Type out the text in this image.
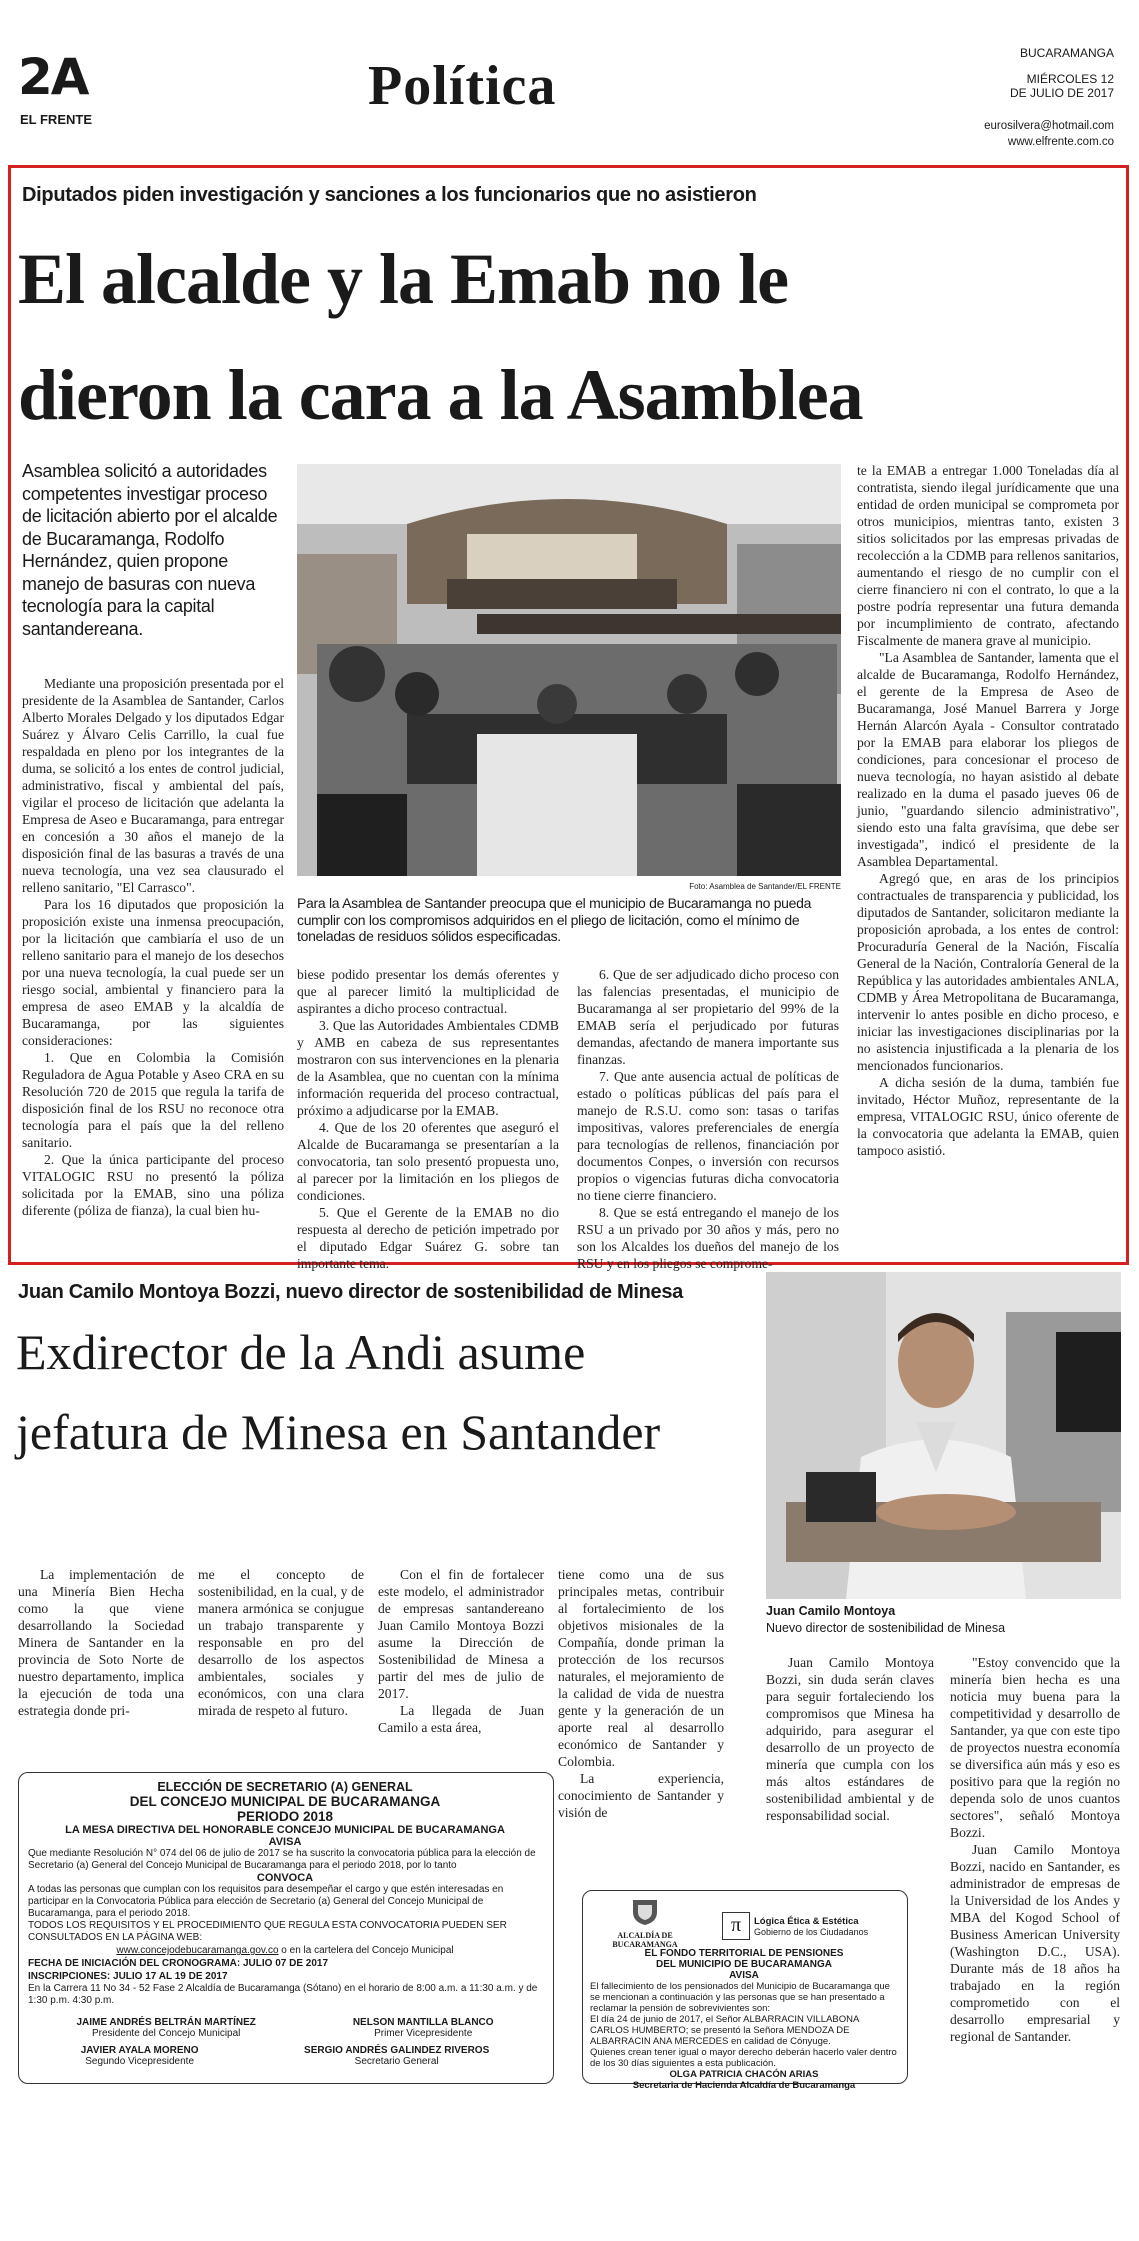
2A
EL FRENTE
Política
BUCARAMANGA
MIÉRCOLES 12
DE JULIO DE 2017
eurosilvera@hotmail.com
www.elfrente.com.co
Diputados piden investigación y sanciones a los funcionarios que no asistieron
El alcalde y la Emab no le
dieron la cara a la Asamblea
Asamblea solicitó a autoridades competentes investigar proceso de licitación abierto por el alcalde de Bucaramanga, Rodolfo Hernández, quien propone manejo de basuras con nueva tecnología para la capital santandereana.
Foto: Asamblea de Santander/EL FRENTE
Para la Asamblea de Santander preocupa que el municipio de Bucaramanga no pueda cumplir con los compromisos adquiridos en el pliego de licitación, como el mínimo de toneladas de residuos sólidos especificadas.

Mediante una proposición presentada por el presidente de la Asamblea de Santander, Carlos Alberto Morales Delgado y los diputados Edgar Suárez y Álvaro Celis Carrillo, la cual fue respaldada en pleno por los integrantes de la duma, se solicitó a los entes de control judicial, administrativo, fiscal y ambiental del país, vigilar el proceso de licitación que adelanta la Empresa de Aseo e Bucaramanga, para entregar en concesión a 30 años el manejo de la disposición final de las basuras a través de una nueva tecnología, una vez sea clausurado el relleno sanitario, "El Carrasco".

Para los 16 diputados que proposición la proposición existe una inmensa preocupación, por la licitación que cambiaría el uso de un relleno sanitario para el manejo de los desechos por una nueva tecnología, la cual puede ser un riesgo social, ambiental y financiero para la empresa de aseo EMAB y la alcaldía de Bucaramanga, por las siguientes consideraciones:

1. Que en Colombia la Comisión Reguladora de Agua Potable y Aseo CRA en su Resolución 720 de 2015 que regula la tarifa de disposición final de los RSU no reconoce otra tecnología para el país que la del relleno sanitario.

2. Que la única participante del proceso VITALOGIC RSU no presentó la póliza solicitada por la EMAB, sino una póliza diferente (póliza de fianza), la cual bien hu-

biese podido presentar los demás oferentes y que al parecer limitó la multiplicidad de aspirantes a dicho proceso contractual.

3. Que las Autoridades Ambientales CDMB y AMB en cabeza de sus representantes mostraron con sus intervenciones en la plenaria de la Asamblea, que no cuentan con la mínima información requerida del proceso contractual, próximo a adjudicarse por la EMAB.

4. Que de los 20 oferentes que aseguró el Alcalde de Bucaramanga se presentarían a la convocatoria, tan solo presentó propuesta uno, al parecer por la limitación en los pliegos de condiciones.

5. Que el Gerente de la EMAB no dio respuesta al derecho de petición impetrado por el diputado Edgar Suárez G. sobre tan importante tema.

6. Que de ser adjudicado dicho proceso con las falencias presentadas, el municipio de Bucaramanga al ser propietario del 99% de la EMAB sería el perjudicado por futuras demandas, afectando de manera importante sus finanzas.

7. Que ante ausencia actual de políticas de estado o políticas públicas del país para el manejo de R.S.U. como son: tasas o tarifas impositivas, valores preferenciales de energía para tecnologías de rellenos, financiación por documentos Conpes, o inversión con recursos propios o vigencias futuras dicha convocatoria no tiene cierre financiero.

8. Que se está entregando el manejo de los RSU a un privado por 30 años y más, pero no son los Alcaldes los dueños del manejo de los RSU y en los pliegos se comprome-

te la EMAB a entregar 1.000 Toneladas día al contratista, siendo ilegal jurídicamente que una entidad de orden municipal se comprometa por otros municipios, mientras tanto, existen 3 sitios solicitados por las empresas privadas de recolección a la CDMB para rellenos sanitarios, aumentando el riesgo de no cumplir con el cierre financiero ni con el contrato, lo que a la postre podría representar una futura demanda por incumplimiento de contrato, afectando Fiscalmente de manera grave al municipio.

"La Asamblea de Santander, lamenta que el alcalde de Bucaramanga, Rodolfo Hernández, el gerente de la Empresa de Aseo de Bucaramanga, José Manuel Barrera y Jorge Hernán Alarcón Ayala - Consultor contratado por la EMAB para elaborar los pliegos de condiciones, para concesionar el proceso de nueva tecnología, no hayan asistido al debate realizado en la duma el pasado jueves 06 de junio, "guardando silencio administrativo", siendo esto una falta gravísima, que debe ser investigada", indicó el presidente de la Asamblea Departamental.

Agregó que, en aras de los principios contractuales de transparencia y publicidad, los diputados de Santander, solicitaron mediante la proposición aprobada, a los entes de control: Procuraduría General de la Nación, Fiscalía General de la Nación, Contraloría General de la República y las autoridades ambientales ANLA, CDMB y Área Metropolitana de Bucaramanga, intervenir lo antes posible en dicho proceso, e iniciar las investigaciones disciplinarias por la no asistencia injustificada a la plenaria de los mencionados funcionarios.

A dicha sesión de la duma, también fue invitado, Héctor Muñoz, representante de la empresa, VITALOGIC RSU, único oferente de la convocatoria que adelanta la EMAB, quien tampoco asistió.

Juan Camilo Montoya Bozzi, nuevo director de sostenibilidad de Minesa
Exdirector de la Andi asume
jefatura de Minesa en Santander
Juan Camilo Montoya
Nuevo director de sostenibilidad de Minesa

La implementación de una Minería Bien Hecha como la que viene desarrollando la Sociedad Minera de Santander en la provincia de Soto Norte de nuestro departamento, implica la ejecución de toda una estrategia donde pri-

me el concepto de sostenibilidad, en la cual, y de manera armónica se conjugue un trabajo transparente y responsable en pro del desarrollo de los aspectos ambientales, sociales y económicos, con una clara mirada de respeto al futuro.

Con el fin de fortalecer este modelo, el administrador de empresas santandereano Juan Camilo Montoya Bozzi asume la Dirección de Sostenibilidad de Minesa a partir del mes de julio de 2017.

La llegada de Juan Camilo a esta área,

tiene como una de sus principales metas, contribuir al fortalecimiento de los objetivos misionales de la Compañía, donde priman la protección de los recursos naturales, el mejoramiento de la calidad de vida de nuestra gente y la generación de un aporte real al desarrollo económico de Santander y Colombia.

La experiencia, conocimiento de Santander y visión de

Juan Camilo Montoya Bozzi, sin duda serán claves para seguir fortaleciendo los compromisos que Minesa ha adquirido, para asegurar el desarrollo de un proyecto de minería que cumpla con los más altos estándares de sostenibilidad ambiental y de responsabilidad social.

"Estoy convencido que la minería bien hecha es una noticia muy buena para la competitividad y desarrollo de Santander, ya que con este tipo de proyectos nuestra economía se diversifica aún más y eso es positivo para que la región no dependa solo de unos cuantos sectores", señaló Montoya Bozzi.

Juan Camilo Montoya Bozzi, nacido en Santander, es administrador de empresas de la Universidad de los Andes y MBA del Kogod School of Business American University (Washington D.C., USA). Durante más de 18 años ha trabajado en la región comprometido con el desarrollo empresarial y regional de Santander.

ELECCIÓN DE SECRETARIO (A) GENERAL
DEL CONCEJO MUNICIPAL DE BUCARAMANGA
PERIODO 2018
LA MESA DIRECTIVA DEL HONORABLE CONCEJO MUNICIPAL DE BUCARAMANGA
AVISA
Que mediante Resolución N° 074 del 06 de julio de 2017 se ha suscrito la convocatoria pública para la elección de Secretario (a) General del Concejo Municipal de Bucaramanga para el periodo 2018, por lo tanto
CONVOCA
A todas las personas que cumplan con los requisitos para desempeñar el cargo y que estén interesadas en participar en la Convocatoria Pública para elección de Secretario (a) General del Concejo Municipal de Bucaramanga, para el periodo 2018.
TODOS LOS REQUISITOS Y EL PROCEDIMIENTO QUE REGULA ESTA CONVOCATORIA PUEDEN SER CONSULTADOS EN LA PÁGINA WEB:
www.concejodebucaramanga.gov.co o en la cartelera del Concejo Municipal
FECHA DE INICIACIÓN DEL CRONOGRAMA: JULIO 07 DE 2017
INSCRIPCIONES: JULIO 17 AL 19 DE 2017
En la Carrera 11 No 34 - 52 Fase 2 Alcaldía de Bucaramanga (Sótano) en el horario de 8:00 a.m. a 11:30 a.m. y de 1:30 p.m. 4:30 p.m.
JAIME ANDRÉS BELTRÁN MARTÍNEZ
Presidente del Concejo Municipal
NELSON MANTILLA BLANCO
Primer Vicepresidente
JAVIER AYALA MORENO
Segundo Vicepresidente
SERGIO ANDRÉS GALINDEZ RIVEROS
Secretario General
ALCALDÍA DE
BUCARAMANGA
π	Lógica Ética & Estética
Gobierno de los Ciudadanos
EL FONDO TERRITORIAL DE PENSIONES
DEL MUNICIPIO DE BUCARAMANGA
AVISA
El fallecimiento de los pensionados del Municipio de Bucaramanga que se mencionan a continuación y las personas que se han presentado a reclamar la pensión de sobrevivientes son:
El día 24 de junio de 2017, el Señor ALBARRACIN VILLABONA CARLOS HUMBERTO; se presentó la Señora MENDOZA DE ALBARRACIN ANA MERCEDES en calidad de Cónyuge.
Quienes crean tener igual o mayor derecho deberán hacerlo valer dentro de los 30 días siguientes a esta publicación.
OLGA PATRICIA CHACÓN ARIAS
Secretaria de Hacienda Alcaldía de Bucaramanga
